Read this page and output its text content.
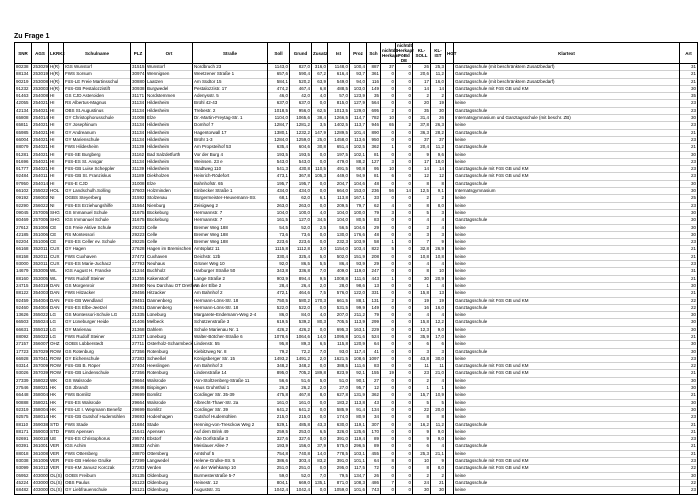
Zu Frage 1
SNR	AGS	LKRKz	Schulname	PLZ	Ort	Straße	Soll	Grund	Zusatz	Ist	Proz	Sch	nichtdt. Herkapr	nichtdt. Herkapr FöBd DE	KL-SOLL	KL-IST	HGT	Klartext	Art
80238	253029	H(R)	IGS Wunstorf	31515	Wunstorf	Nordbruch 23	1143,0	827,0	316,0	1148,0	100,4	887	37	0	26	25,3		Ganztagsschule (mit beschränktem Zusatzbedarf)	31
88134	253019	H(R)	FWS Sorsum	30974	Wennigsen	Weetzener Straße 1	657,6	590,4	67,2	616,4	93,7	361	0	0	20,6	11,2		Ganztagsschule	21
90219	253008	H(R)	FöS-LE Freie Martinsschul	30880	Laatzen	Am Südtor 15	584,1	520,2	63,9	549,0	94,0	116	0	0	17	16,0		Ganztagsschule (mit beschränktem Zusatzbedarf)	21
91232	253003	H(R)	FöS-GB Pestalozzistift	30938	Burgwedel	Pestalozzistr. 17	474,2	467,4	6,8	488,5	103,0	149	0	0	14	14		Ganztagsschule mit FöS GB und KM	30
91463	254008	HI	GS CJD Asteroiden	31171	Nordstemmen	Adenysstr. 5	46,0	42,0	4,0	57,0	123,9	35	0	0	2	2		Ganztagsschule	35
42055	254021	HI	RS Albertus-Magnus	31134	Hildesheim	Brühl 42-43	637,0	637,0	0,0	815,0	127,9	564	0	0	20	19		keine	23
42134	254021	HI	OBS St.Augustinus	31134	Hildesheim	Trebestr. 2	1018,5	956,0	62,5	1013,5	129,0	695	2	0	35	30		Ganztagsschule	23
65808	254014	HI	GY Christophorusschule	31008	Elze	Dr.-Martin-Freytag-Str. 1	1104,0	1065,6	38,4	1266,5	114,7	782	10	0	31,4	26		Internatsgymnasium und Ganztagsschule (mit beschr. ZB)	30
65811	254021	HI	GY Josephinum	31134	Hildesheim	Domhof 7	1284,7	1281,2	3,5	1402,5	113,7	946	65	2	37,8	26,3		keine	23
65985	254021	HI	GY Andreanum	31134	Hildesheim	Hagentorwall 17	1380,1	1232,2	147,9	1289,5	101,4	890	0	0	36,3	28,2		Ganztagsschule	21
66004	254021	HI	GY Marienschule	31134	Hildesheim	BrühI 1-3	1284,0	1259,0	25,0	1458,0	113,6	950	0	0	37	37		keine	23
88079	254021	HI	FWS Hildesheim	31139	Hildesheim	Am Propsteihof 53	635,4	604,6	30,8	651,4	102,5	362	1	0	20,4	11,2		Ganztagsschule	21
91281	254021	HI	FöS-SE Burgberg	31162	Bad Salzdetfurth	Vor der Burg 4	193,5	193,5	0,0	197,5	102,1	81	0	0	9	9,6		keine	30
91696	254021	HI	FöS-ES St. Ansgar	31134	Hildesheim	Weinsen. 23 e	543,0	543,0	0,0	479,0	88,2	127	3	0	17	18,0		keine	23
91777	254021	HI	FöS-GB Luise Scheppler	31139	Hildesheim	Stadtweg 110	541,3	430,8	110,5	491,5	90,8	95	10	0	14	14		Ganztagsschule mit FöS GB und KM	23
92484	254011	HI	FöS-GB St. Franziskus	31189	Diekholzen	Heinrich-Rödefort	473,1	367,8	105,3	449,0	94,9	81	6	0	12	12		Ganztagsschule mit FöS GB und KM	23
97950	254014	HI	FöS-E CJD	31008	Elze	Bahnhofstr. 65	195,7	195,7	0,0	204,7	104,6	48	0	0	8	8		Ganztagsschule	30
66102	255022	HOL	GY Landschulh.Solling	37603	Holzminden	Einbecker Straße 1	434,0	434,0	0,0	664,0	153,0	236	56	14	12,5	9,1		Internatsgymnasium	30
09192	256002	NI	OGBS Steyerberg	31592	Stolzenau	Bürgermeister-Heuvemann-Str.	68,1	62,0	6,1	113,8	167,1	33	0	0	2	2		keine	25
92290	256022	NI	FöS-ES Erziehungshilfe	31564	Nienburg	Zeisigweg 2	263,0	263,0	0,0	209,5	79,7	62	4	0	8	8,0		keine	23
09045	257005	SHG	GS Immanuel Schule	31675	Bückeburg	Hermannstr. 7	104,0	100,0	4,0	104,0	100,0	79	3	0	5	3		keine	30
80469	257005	SHG	IGS Immanuel Schule	31675	Bückeburg	Hermannstr. 7	161,5	127,0	34,5	104,0	80,5	83	0	0	4	4		Ganztagsschule	30
27612	351006	CE	GS Freie Aktive Schule	29223	Celle	Bremer Weg 188	54,5	52,0	2,5	56,5	104,6	29	0	0	2	4		keine	30
42185	351006	CE	RS Montessori	29223	Celle	Bremer Weg 188	73,6	73,6	0,0	130,0	176,6	48	0	0	3	3		keine	30
92204	351006	CE	FöS-ES Celler ev. Schule	29225	Celle	Bremer Weg 188	223,6	223,6	0,0	232,3	103,9	58	1	0	7	9		keine	23
66168	352011	CUX	GY Hagen	27628	Hagen im Bremischen	Amtsplatz 11	1115,8	1112,8	3,0	1154,0	103,4	822	5	0	32,8	26,9		keine	21
88158	352011	CUX	FWS Cuxhaven	27472	Cuxhaven	Deichstr. 12b	330,4	325,4	5,0	502,0	151,9	208	0	0	10,8	10,8		keine	21
93000	352011	CUX	FöS-ES Marie-Juchacz	27793	Neuhaus	Grüner Weg 10	92,0	86,5	5,5	86,4	93,9	29	0	0	4	4		keine	23
14679	353005	WL	IGS August H. Francke	21244	Buchholz	Harburger Straße 50	343,8	336,8	7,0	409,0	119,0	247	0	0	8	10		keine	31
88160	353005	WL	FWS Rudolf Steiner	21255	Kakenstorf	Lange Straße 2	903,9	894,4	9,5	1008,8	111,6	443	1	0	30	20,9		keine	21
24715	354019	DAN	GS Morgenroir	29490	Neu Darchau OT Drethem	An der Elbe 2	28,4	26,4	2,0	28,0	98,6	13	0	0	1	4		keine	30
88122	354003	DAN	FWS Hitzacker	29456	Hitzacker	Am Bahnhof 2	472,1	464,6	7,5	576,0	122,0	331	0	0	15,8	13		keine	21
92459	354004	DAN	FöS-GB Wendland	29451	Dannenberg	Hermann-Löns-Str. 18	750,5	580,2	170,3	661,5	88,1	131	2	0	19	19		Ganztagsschule mit FöS GB und KM	22
92460	354004	DAN	FöS-ES Elbe-Jeetzel	29451	Dannenberg	Hermann-Löns-Str. 18	522,0	522,0	0,0	531,5	99,9	149	0	0	16	16,0		Ganztagsschule	22
13626	355022	LG	GS Montessori-Schule LG	21335	Lüneburg	Margarete-Endemann-Weg 2-4	86,0	84,0	4,0	207,0	211,2	79	0	0	4	4		keine	30
66503	355024	LG	GY Lüneburger Heide	21406	Melbeck	Schützenstraße 3	619,5	539,2	80,3	705,5	113,9	299	0	0	15,8	12,2		Ganztagsschule	30
66631	355012	LG	GY Marienau	21368	Dahlem	Schule Marienau Nr. 1	426,2	426,2	0,0	695,3	163,1	229	0	0	12,3	9,0		keine	30
88092	355022	LG	FWS Rudolf Steiner	21337	Lüneburg	Walter-Bötcher-Straße 6	1078,6	1064,6	14,0	1095,8	101,6	524	0	0	35,9	17,0		keine	21
27157	356007	OHZ	GOBS Lübberstedt	27711	Osterholz-Scharmbeck	Lindenstr. 55	95,8	89,3	6,5	115,8	120,9	64	0	0	6	6		keine	30
17723	357029	ROW	GS Rotenburg	27356	Rotenburg	Kiebitzweg Nr. 8	79,2	72,2	7,0	93,0	117,4	41	0	0	3	3		Ganztagsschule	30
66928	357041	ROW	GY Eichenschule	27383	Scheeßel	Königsberger Str. 15	1493,2	1491,2	2,0	1621,5	108,6	1097	0	0	43,8	30,0		keine	23
93314	357009	ROW	FöS-GB B. Röper	27404	Heeslingen	Am Bahnhof 3	348,2	348,2	0,0	388,5	111,6	83	0	0	11	11		Ganztagsschule mit FöS GB und KM	22
93026	357039	ROW	FöS-GB Lindenschule	27356	Rotenburg	Lindenstraße 14	895,0	705,2	189,8	823,9	92,1	155	19	0	23	21,0		Ganztagsschule mit FöS GB und KM	21
27339	358022	WK	GS Walsrode	29664	Walsrode	Von-Stoltzenberg-Straße 11	56,6	51,6	5,0	51,0	90,1	27	0	0	2	4		keine	30
27546	358021	HK	GS Jbrandt	29646	Bispingen	Haus Gruhnthal 1	26,2	26,2	2,0	27,0	95,7	12	0	0	1	1		keine	30
66448	358004	HK	FWS Bomlitz	29699	Bomlitz	Cordinger Str. 35-39	475,8	467,8	8,0	627,8	131,9	362	0	0	15,7	10,9		keine	21
90888	358021	HK	FöS-ES Walsrode	29664	Walsrode	Albrecht-Thaer-Str. 2a	161,0	161,0	0,0	183,2	113,8	43	0	0	5	5		keine	30
92319	358004	HK	FöS-LE I. Wegmann Benefiz	29699	Bomlitz	Cordinger Str. 39	641,2	641,2	0,0	585,9	91,4	134	0	0	22	20,0		keine	30
92575	358014	HK	FöS-GB Gutshof Hudemühlen	29693	Hodenhagen	Gutshof Hudemühlen	215,0	215,0	0,0	174,0	80,9	34	0	0	8	8		keine	23
88110	359038	STD	FWS Stade	21684	Stade	Henning-von-Tresckow Weg 2	529,1	485,8	43,3	630,0	119,1	307	0	0	16,2	11,2		Ganztagsschule	21
88171	359003	STD	FWS Apensen	21641	Apensen	Auf dem Brink 49	259,5	253,0	6,5	326,0	125,6	170	0	0	9	9,0		keine	21
92691	360018	UE	FöS-ES Christophorus	29574	Ebstorf	Alte Dorfstraße 3	327,6	327,6	0,0	391,0	119,4	89	0	0	9	9,0		keine	23
80391	361001	VER	IGS Achim	28832	Achim	Meislauer Allee 7	193,9	156,0	37,9	575,0	296,5	89	0	0	6	4		Ganztagsschule	21
88018	361008	VER	FWS Ottersberg	28870	Ottersberg	Amtshof 5	754,8	740,8	14,0	778,5	103,1	455	0	0	25,3	21,1		keine	21
93038	361006	VER	FöS-GB Helene Grulke	27299	Langwedel	Helene-Grulke-Str. 5	386,6	303,4	83,2	391,0	101,1	64	8	0	10	9		Ganztagsschule mit FöS GB und KM	23
93099	361012	VER	FöS-KM Janusz Korczak	27283	Verden	An der Wiehkamp 10	251,0	251,0	0,0	295,0	117,5	72	0	0	8	8,0		Ganztagsschule mit FöS GB und KM	22
05952	403000	OL(S)	GOBS Freiburn	26135	Oldenburg	Burmesterstraße 5-7	59,0	52,0	7,0	79,5	134,7	26	0	0	2	2		keine	30
45224	403000	OL(S)	OBS Paulus	26123	Oldenburg	Heinestr. 12	804,1	669,0	135,1	871,0	108,3	486	7	0	24	21		Ganztagsschule	22
68482	403000	OL(S)	GY Liebfrauenschule	26121	Oldenburg	Auguststr. 31	1042,4	1042,4	0,0	1059,0	101,6	743	0	0	30	30		keine	23
